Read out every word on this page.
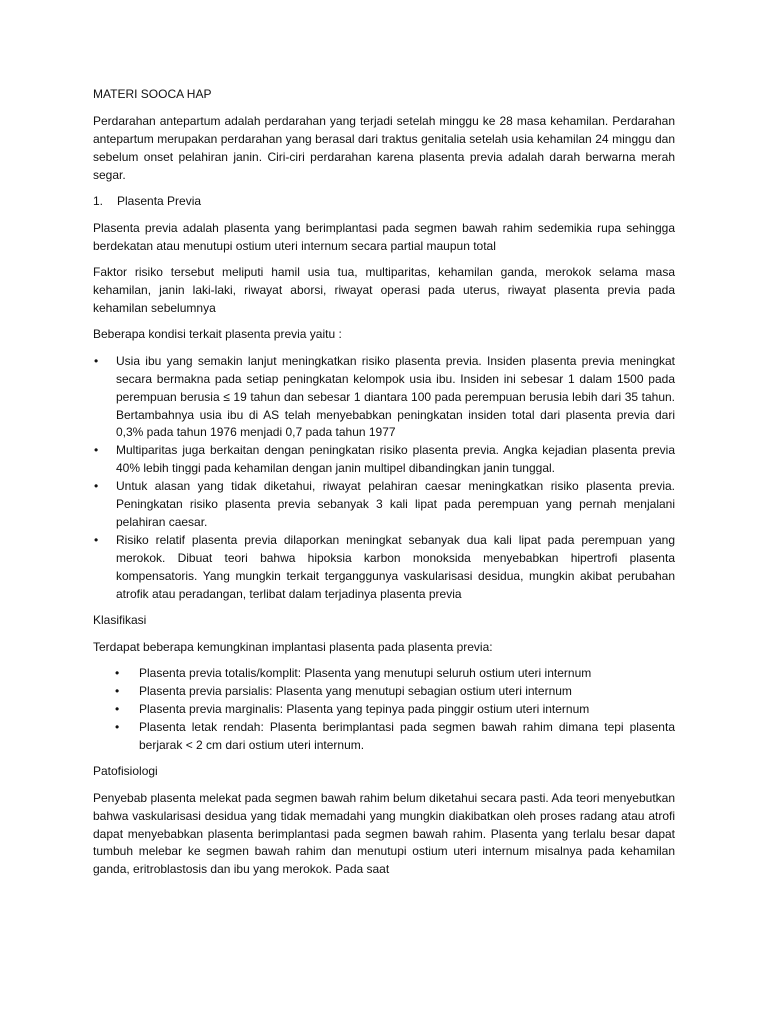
MATERI SOOCA HAP

Perdarahan antepartum adalah perdarahan yang terjadi setelah minggu ke 28 masa kehamilan. Perdarahan antepartum merupakan perdarahan yang berasal dari traktus genitalia setelah usia kehamilan 24 minggu dan sebelum onset pelahiran janin. Ciri-ciri perdarahan karena plasenta previa adalah darah berwarna merah segar.

1.	Plasenta Previa

Plasenta previa adalah plasenta yang berimplantasi pada segmen bawah rahim sedemikia rupa sehingga berdekatan atau menutupi ostium uteri internum secara partial maupun total

Faktor risiko tersebut meliputi hamil usia tua, multiparitas, kehamilan ganda, merokok selama masa kehamilan, janin laki-laki, riwayat aborsi, riwayat operasi pada uterus, riwayat plasenta previa pada kehamilan sebelumnya

Beberapa kondisi terkait plasenta previa yaitu :

• Usia ibu yang semakin lanjut meningkatkan risiko plasenta previa. Insiden plasenta previa meningkat secara bermakna pada setiap peningkatan kelompok usia ibu. Insiden ini sebesar 1 dalam 1500 pada perempuan berusia ≤ 19 tahun dan sebesar 1 diantara 100 pada perempuan berusia lebih dari 35 tahun. Bertambahnya usia ibu di AS telah menyebabkan peningkatan insiden total dari plasenta previa dari 0,3% pada tahun 1976 menjadi 0,7 pada tahun 1977
• Multiparitas juga berkaitan dengan peningkatan risiko plasenta previa. Angka kejadian plasenta previa 40% lebih tinggi pada kehamilan dengan janin multipel dibandingkan janin tunggal.
• Untuk alasan yang tidak diketahui, riwayat pelahiran caesar meningkatkan risiko plasenta previa. Peningkatan risiko plasenta previa sebanyak 3 kali lipat pada perempuan yang pernah menjalani pelahiran caesar.
• Risiko relatif plasenta previa dilaporkan meningkat sebanyak dua kali lipat pada perempuan yang merokok. Dibuat teori bahwa hipoksia karbon monoksida menyebabkan hipertrofi plasenta kompensatoris. Yang mungkin terkait terganggunya vaskularisasi desidua, mungkin akibat perubahan atrofik atau peradangan, terlibat dalam terjadinya plasenta previa

Klasifikasi

Terdapat beberapa kemungkinan implantasi plasenta pada plasenta previa:

• Plasenta previa totalis/komplit: Plasenta yang menutupi seluruh ostium uteri internum
• Plasenta previa parsialis: Plasenta yang menutupi sebagian ostium uteri internum
• Plasenta previa marginalis: Plasenta yang tepinya pada pinggir ostium uteri internum
• Plasenta letak rendah: Plasenta berimplantasi pada segmen bawah rahim dimana tepi plasenta berjarak < 2 cm dari ostium uteri internum.

Patofisiologi

Penyebab plasenta melekat pada segmen bawah rahim belum diketahui secara pasti. Ada teori menyebutkan bahwa vaskularisasi desidua yang tidak memadahi yang mungkin diakibatkan oleh proses radang atau atrofi dapat menyebabkan plasenta berimplantasi pada segmen bawah rahim. Plasenta yang terlalu besar dapat tumbuh melebar ke segmen bawah rahim dan menutupi ostium uteri internum misalnya pada kehamilan ganda, eritroblastosis dan ibu yang merokok. Pada saat
